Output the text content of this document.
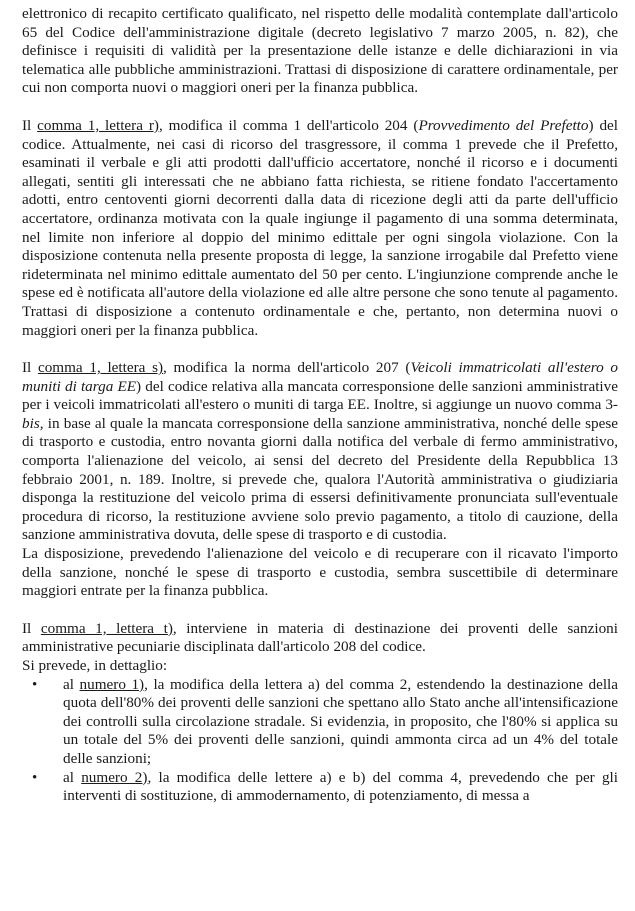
elettronico di recapito certificato qualificato, nel rispetto delle modalità contemplate dall'articolo 65 del Codice dell'amministrazione digitale (decreto legislativo 7 marzo 2005, n. 82), che definisce i requisiti di validità per la presentazione delle istanze e delle dichiarazioni in via telematica alle pubbliche amministrazioni. Trattasi di disposizione di carattere ordinamentale, per cui non comporta nuovi o maggiori oneri per la finanza pubblica.

Il comma 1, lettera r), modifica il comma 1 dell'articolo 204 (Provvedimento del Prefetto) del codice. Attualmente, nei casi di ricorso del trasgressore, il comma 1 prevede che il Prefetto, esaminati il verbale e gli atti prodotti dall'ufficio accertatore, nonché il ricorso e i documenti allegati, sentiti gli interessati che ne abbiano fatta richiesta, se ritiene fondato l'accertamento adotti, entro centoventi giorni decorrenti dalla data di ricezione degli atti da parte dell'ufficio accertatore, ordinanza motivata con la quale ingiunge il pagamento di una somma determinata, nel limite non inferiore al doppio del minimo edittale per ogni singola violazione. Con la disposizione contenuta nella presente proposta di legge, la sanzione irrogabile dal Prefetto viene rideterminata nel minimo edittale aumentato del 50 per cento. L'ingiunzione comprende anche le spese ed è notificata all'autore della violazione ed alle altre persone che sono tenute al pagamento. Trattasi di disposizione a contenuto ordinamentale e che, pertanto, non determina nuovi o maggiori oneri per la finanza pubblica.

Il comma 1, lettera s), modifica la norma dell'articolo 207 (Veicoli immatricolati all'estero o muniti di targa EE) del codice relativa alla mancata corresponsione delle sanzioni amministrative per i veicoli immatricolati all'estero o muniti di targa EE. Inoltre, si aggiunge un nuovo comma 3-bis, in base al quale la mancata corresponsione della sanzione amministrativa, nonché delle spese di trasporto e custodia, entro novanta giorni dalla notifica del verbale di fermo amministrativo, comporta l'alienazione del veicolo, ai sensi del decreto del Presidente della Repubblica 13 febbraio 2001, n. 189. Inoltre, si prevede che, qualora l'Autorità amministrativa o giudiziaria disponga la restituzione del veicolo prima di essersi definitivamente pronunciata sull'eventuale procedura di ricorso, la restituzione avviene solo previo pagamento, a titolo di cauzione, della sanzione amministrativa dovuta, delle spese di trasporto e di custodia.

La disposizione, prevedendo l'alienazione del veicolo e di recuperare con il ricavato l'importo della sanzione, nonché le spese di trasporto e custodia, sembra suscettibile di determinare maggiori entrate per la finanza pubblica.

Il comma 1, lettera t), interviene in materia di destinazione dei proventi delle sanzioni amministrative pecuniarie disciplinata dall'articolo 208 del codice.

Si prevede, in dettaglio:

• al numero 1), la modifica della lettera a) del comma 2, estendendo la destinazione della quota dell'80% dei proventi delle sanzioni che spettano allo Stato anche all'intensificazione dei controlli sulla circolazione stradale. Si evidenzia, in proposito, che l'80% si applica su un totale del 5% dei proventi delle sanzioni, quindi ammonta circa ad un 4% del totale delle sanzioni;
• al numero 2), la modifica delle lettere a) e b) del comma 4, prevedendo che per gli interventi di sostituzione, di ammodernamento, di potenziamento, di messa a
